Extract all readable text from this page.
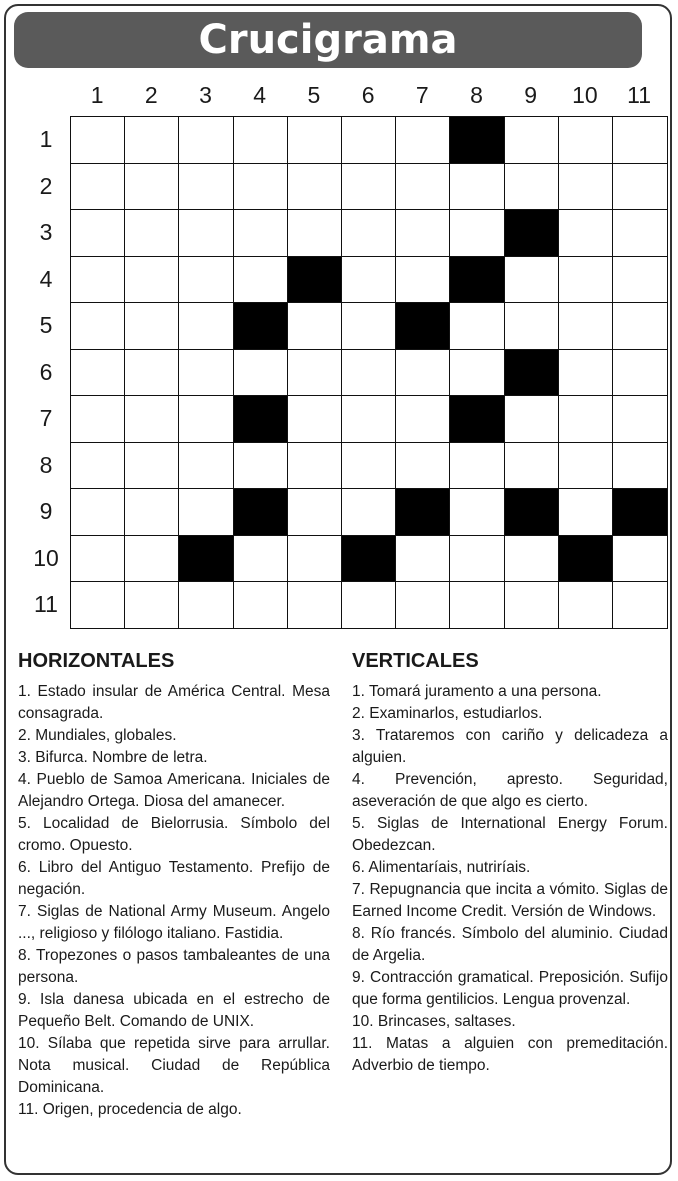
Crucigrama
1	2	3	4	5	6	7	8	9	10	11
1
2
3
4
5
6
7
8
9
10
11
HORIZONTALES
1. Estado insular de América Central. Mesa consagrada.
2. Mundiales, globales.
3. Bifurca. Nombre de letra.
4. Pueblo de Samoa Americana. Iniciales de Alejandro Ortega. Diosa del amanecer.
5. Localidad de Bielorrusia. Símbolo del cromo. Opuesto.
6. Libro del Antiguo Testamento. Prefijo de negación.
7. Siglas de National Army Museum. Angelo ..., religioso y filólogo italiano. Fastidia.
8. Tropezones o pasos tambaleantes de una persona.
9. Isla danesa ubicada en el estrecho de Pequeño Belt. Comando de UNIX.
10. Sílaba que repetida sirve para arrullar. Nota musical. Ciudad de República Dominicana.
11. Origen, procedencia de algo.
VERTICALES
1. Tomará juramento a una persona.
2. Examinarlos, estudiarlos.
3. Trataremos con cariño y delicadeza a alguien.
4. Prevención, apresto. Seguridad, aseveración de que algo es cierto.
5. Siglas de International Energy Forum. Obedezcan.
6. Alimentaríais, nutriríais.
7. Repugnancia que incita a vómito. Siglas de Earned Income Credit. Versión de Windows.
8. Río francés. Símbolo del aluminio. Ciudad de Argelia.
9. Contracción gramatical. Preposición. Sufijo que forma gentilicios. Lengua provenzal.
10. Brincases, saltases.
11. Matas a alguien con premeditación. Adverbio de tiempo.
